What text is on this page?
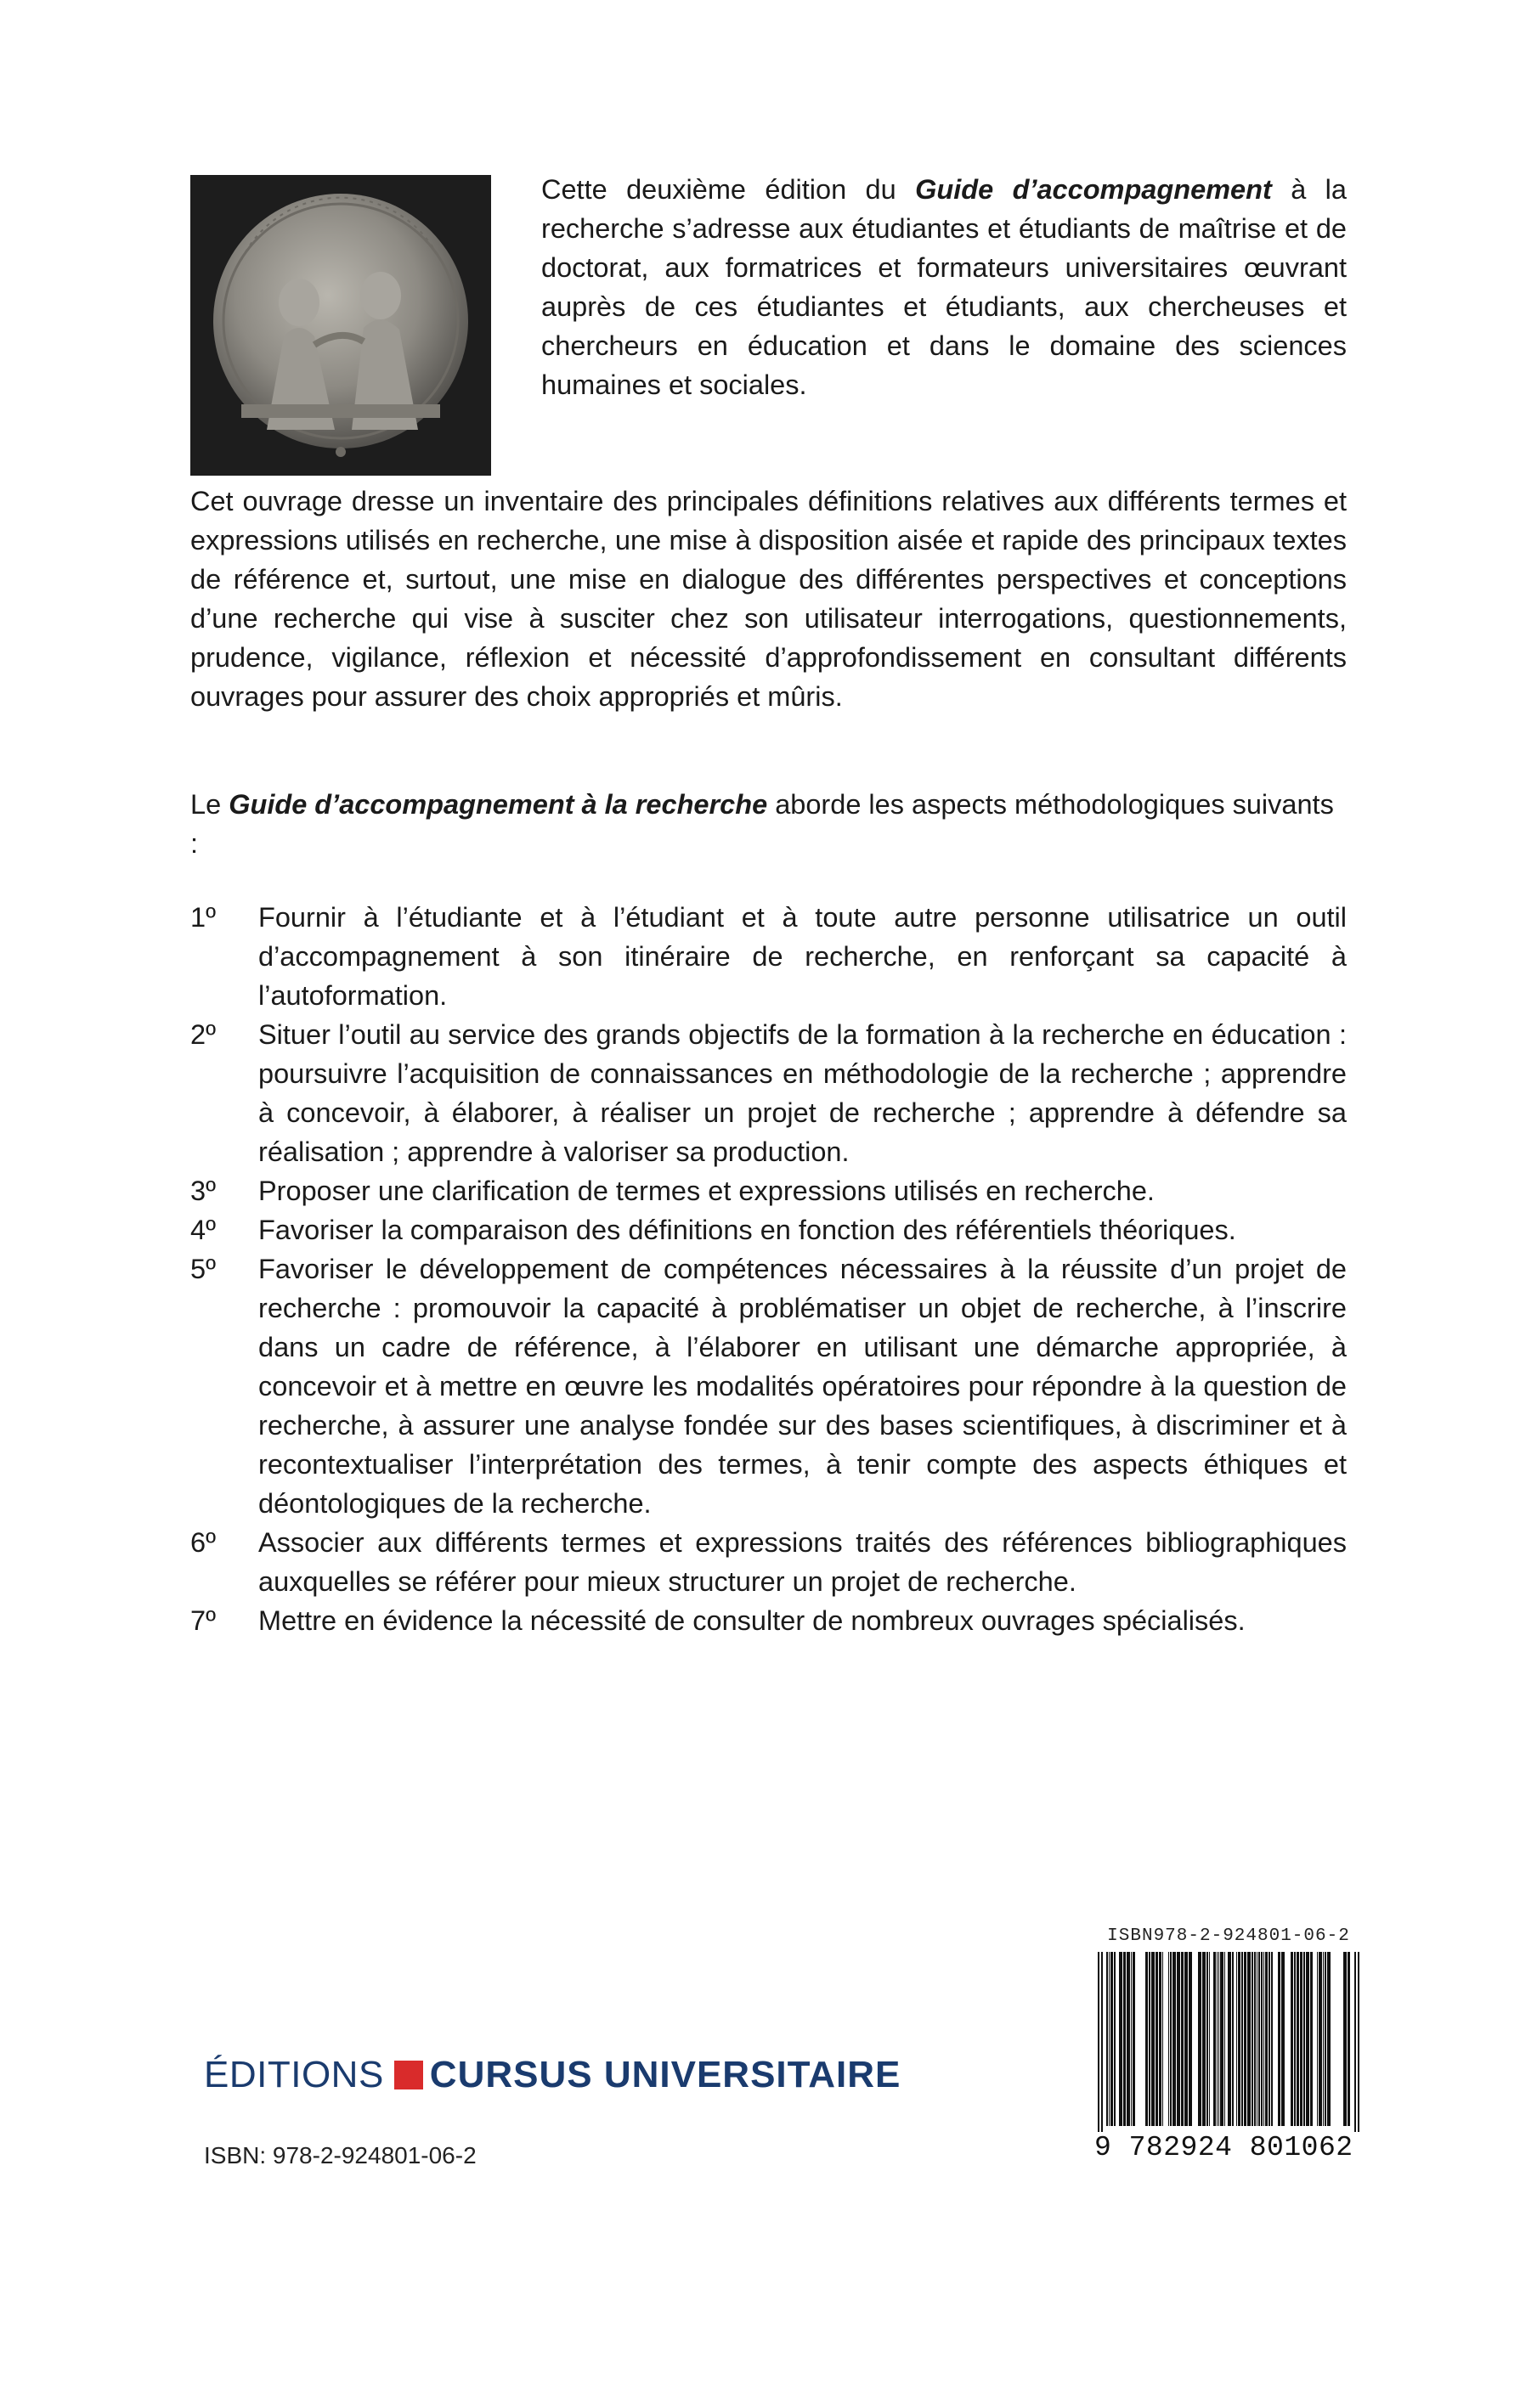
Cette deuxième édition du Guide d’accompagnement à la recherche s’adresse aux étudiantes et étudiants de maîtrise et de doctorat, aux formatrices et formateurs universitaires œuvrant auprès de ces étudiantes et étudiants, aux chercheuses et chercheurs en éducation et dans le domaine des sciences humaines et sociales.

Cet ouvrage dresse un inventaire des principales définitions relatives aux différents termes et expressions utilisés en recherche, une mise à disposition aisée et rapide des principaux textes de référence et, surtout, une mise en dialogue des différentes perspectives et conceptions d’une recherche qui vise à susciter chez son utilisateur interrogations, questionnements, prudence, vigilance, réflexion et nécessité d’approfondissement en consultant différents ouvrages pour assurer des choix appropriés et mûris.

Le Guide d’accompagnement à la recherche aborde les aspects méthodologiques suivants :

1º	Fournir à l’étudiante et à l’étudiant et à toute autre personne utilisatrice un outil d’accompagnement à son itinéraire de recherche, en renforçant sa capacité à l’autoformation.
2º	Situer l’outil au service des grands objectifs de la formation à la recherche en éducation : poursuivre l’acquisition de connaissances en méthodologie de la recherche ; apprendre à concevoir, à élaborer, à réaliser un projet de recherche ; apprendre à défendre sa réalisation ; apprendre à valoriser sa production.
3º	Proposer une clarification de termes et expressions utilisés en recherche.
4º	Favoriser la comparaison des définitions en fonction des référentiels théoriques.
5º	Favoriser le développement de compétences nécessaires à la réussite d’un projet de recherche : promouvoir la capacité à problématiser un objet de recherche, à l’inscrire dans un cadre de référence, à l’élaborer en utilisant une démarche appropriée, à concevoir et à mettre en œuvre les modalités opératoires pour répondre à la question de recherche, à assurer une analyse fondée sur des bases scientifiques, à discriminer et à recontextualiser l’interprétation des termes, à tenir compte des aspects éthiques et déontologiques de la recherche.
6º	Associer aux différents termes et expressions traités des références bibliographiques auxquelles se référer pour mieux structurer un projet de recherche.
7º	Mettre en évidence la nécessité de consulter de nombreux ouvrages spécialisés.
ISBN978-2-924801-06-2
9 782924 801062
ÉDITIONS CURSUS UNIVERSITAIRE
ISBN: 978-2-924801-06-2
